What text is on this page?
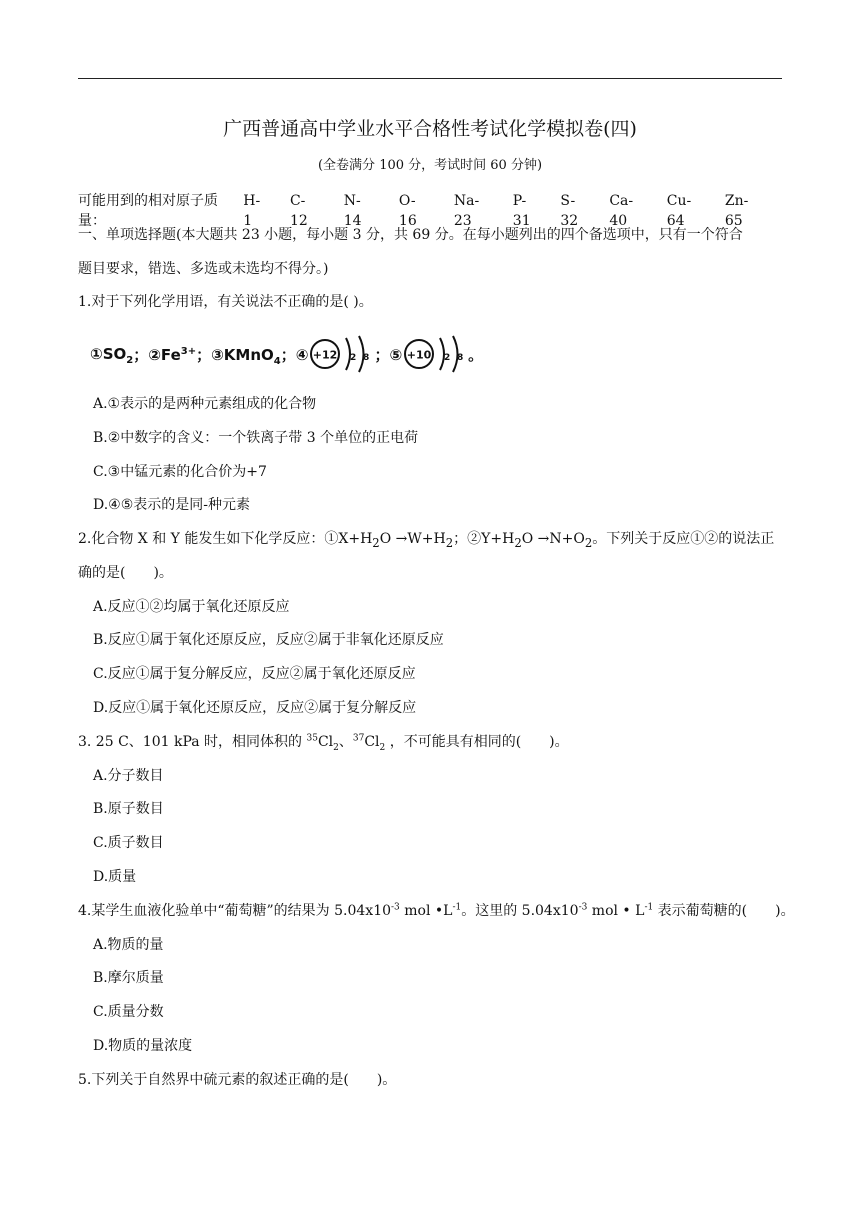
广西普通高中学业水平合格性考试化学模拟卷(四)
(全卷满分 100 分，考试时间 60 分钟)
可能用到的相对原子质量：
H- 1
C- 12
N- 14
O- 16
Na-23
P-31
S-32
Ca-40
Cu-64
Zn-65
一、单项选择题(本大题共 23 小题，每小题 3 分，共 69 分。在每小题列出的四个备选项中，只有一个符合
题目要求，错选、多选或未选均不得分。)
1.对于下列化学用语，有关说法不正确的是( )。
$①SO_2$ ；$②Fe^{3+}$ ；③KMnO$_4$ ；④ +12 2 8 ；⑤ +10 2 8 。
A.①表示的是两种元素组成的化合物
B.②中数字的含义：一个铁离子带 3 个单位的正电荷
C.③中锰元素的化合价为+7
D.④⑤表示的是同-种元素
2.化合物 X 和 Y 能发生如下化学反应：$①X+H_2O \to W+H_2$；$②Y+H_2O \to N+O_2$。下列关于反应①②的说法正
确的是(　　)。
A.反应①②均属于氧化还原反应
B.反应①属于氧化还原反应，反应②属于非氧化还原反应
C.反应①属于复分解反应，反应②属于氧化还原反应
D.反应①属于氧化还原反应，反应②属于复分解反应
3. 25 C、101 kPa 时，相同体积的 $^{35}Cl_2$、$^{37}Cl_2$ ，不可能具有相同的(　　)。
A.分子数目
B.原子数目
C.质子数目
D.质量
4.某学生血液化验单中“葡萄糖”的结果为 $5.04x10^{-3}$ mol $•L^{-1}$。这里的 $5.04x10^{-3}$ mol • $L^{-1}$ 表示葡萄糖的(　　)。
A.物质的量
B.摩尔质量
C.质量分数
D.物质的量浓度
5.下列关于自然界中硫元素的叙述正确的是(　　)。
